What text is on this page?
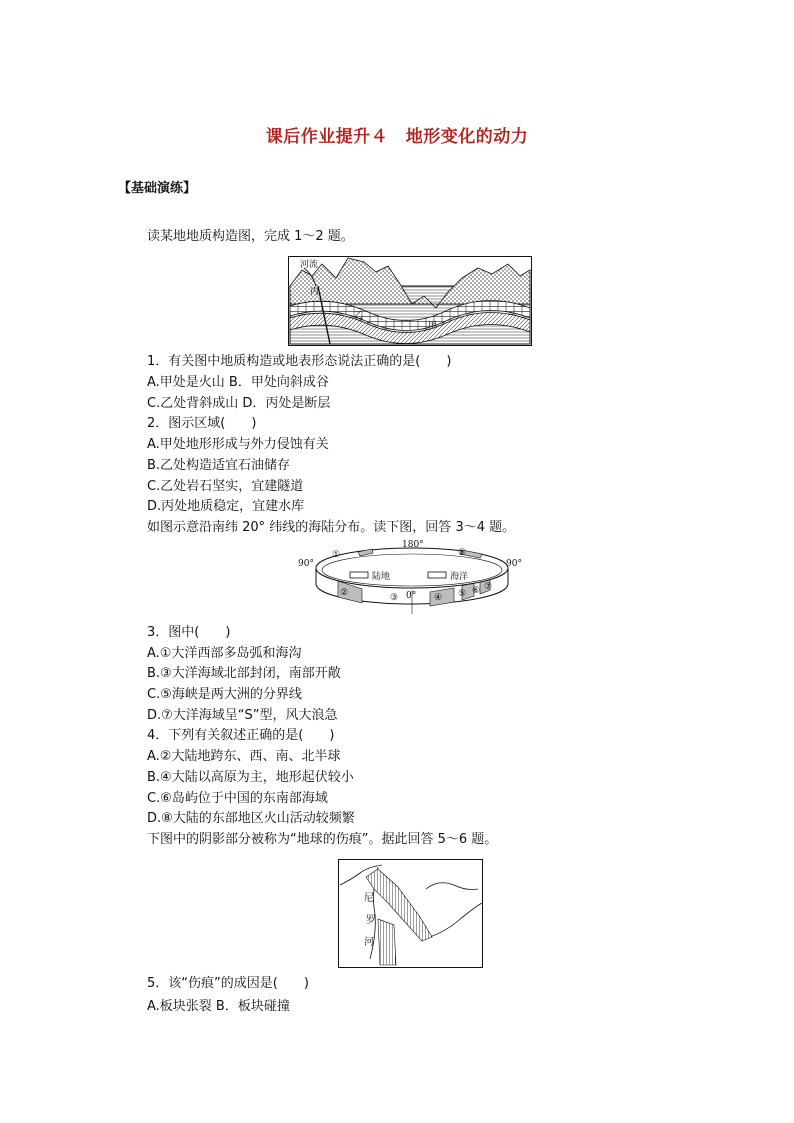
课后作业提升４　地形变化的动力
【基础演练】
读某地地质构造图，完成 1～2 题。
河流
丙
乙
甲
1．有关图中地质构造或地表形态说法正确的是(　　)
A.甲处是火山 B．甲处向斜成谷
C.乙处背斜成山 D．丙处是断层
2．图示区域(　　)
A.甲处地形形成与外力侵蚀有关
B.乙处构造适宜石油储存
C.乙处岩石坚实，宜建隧道
D.丙处地质稳定，宜建水库
如图示意沿南纬 20° 纬线的海陆分布。读下图，回答 3～4 题。
180°
90°	90°
0°
陆地	海洋
①
②	③	④ ⑤ ⑥ ⑦
⑧
3．图中(　　)
A.①大洋西部多岛弧和海沟
B.③大洋海域北部封闭，南部开敞
C.⑤海峡是两大洲的分界线
D.⑦大洋海域呈“S”型，风大浪急
4．下列有关叙述正确的是(　　)
A.②大陆地跨东、西、南、北半球
B.④大陆以高原为主，地形起伏较小
C.⑥岛屿位于中国的东南部海域
D.⑧大陆的东部地区火山活动较频繁
下图中的阴影部分被称为“地球的伤痕”。据此回答 5～6 题。
尼
罗
河
5．该“伤痕”的成因是(　　)
A.板块张裂 B．板块碰撞
